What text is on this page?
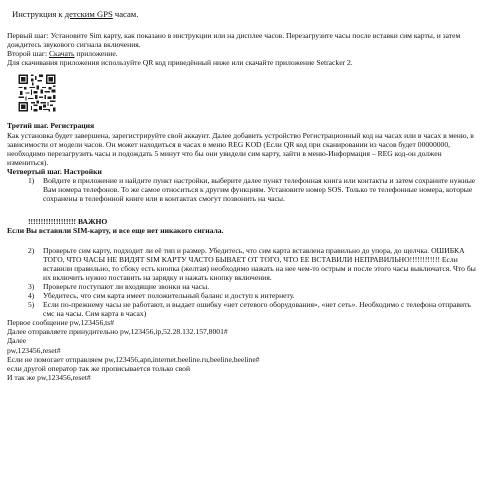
Инструкция к детским GPS часам.
Первый шаг: Установите Sim карту, как показано в инструкции или на дисплее часов. Перезагрузите часы после вставки сим карты, и затем дождитесь звукового сигнала включения.
Второй шаг: Скачать приложение.
Для скачивания приложения используйте QR код приведённый ниже или скачайте приложение Setracker 2.
Третий шаг. Регистрация
Как установка будет завершена, зарегистрируйте свой аккаунт. Далее добавить устройство Регистрационный код на часах или в часах в меню, в зависимости от модели часов. Он может находиться в часах в меню REG KOD (Если QR код при сканировании из часов будет 00000000, необходимо перезагрузить часы и подождать 5 минут что бы они увидели сим карту, зайти в меню-Информация – REG код-он должен измениться).
Четвертый шаг. Настройки
1) Войдите в приложение и найдите пункт настройки, выберите далее пункт телефонная книга или контакты и затем сохраните нужные Вам номера телефонов. То же самое относиться к другим функциям. Установите номер SOS. Только те телефонные номера, которые сохранены в телефонной книге или в контактах смогут позвонить на часы.
!!!!!!!!!!!!!!!!!!! ВАЖНО
Если Вы вставили SIM-карту, и все еще нет никакого сигнала.
2) Проверьте сим карту, подходит ли её тип и размер. Убедитесь, что сим карта вставлена правильно до упора, до щелчка. ОШИБКА ТОГО, ЧТО ЧАСЫ НЕ ВИДЯТ SIM КАРТУ ЧАСТО БЫВАЕТ ОТ ТОГО, ЧТО ЕЕ ВСТАВИЛИ НЕПРАВИЛЬНО!!!!!!!!!!!! Если вставили правильно, то сбоку есть кнопка (желтая) необходимо нажать на нее чем-то острым и после этого часы выключатся. Что бы их включить нужно поставить на зарядку и нажать кнопку включения.
3) Проверьте поступают ли входящие звонки на часы.
4) Убедитесь, что сим карта имеет положительный баланс и доступ к интернету.
5) Если по-прежнему часы не работают, и выдает ошибку «нет сетевого оборудования», «нет сеть». Необходимо с телефона отправить смс на часы. Сим карта в часах)
Первое сообщение pw,123456,ts#
Далее отправляете принудительно pw,123456,ip,52.28.132.157,8001#
Далее
pw,123456,reset#
Если не помогает отправляем pw,123456,apn,internet.beeline.ru,beeline,beeline#
если другой оператор так же прописывается только свой
И так же pw,123456,reset#
